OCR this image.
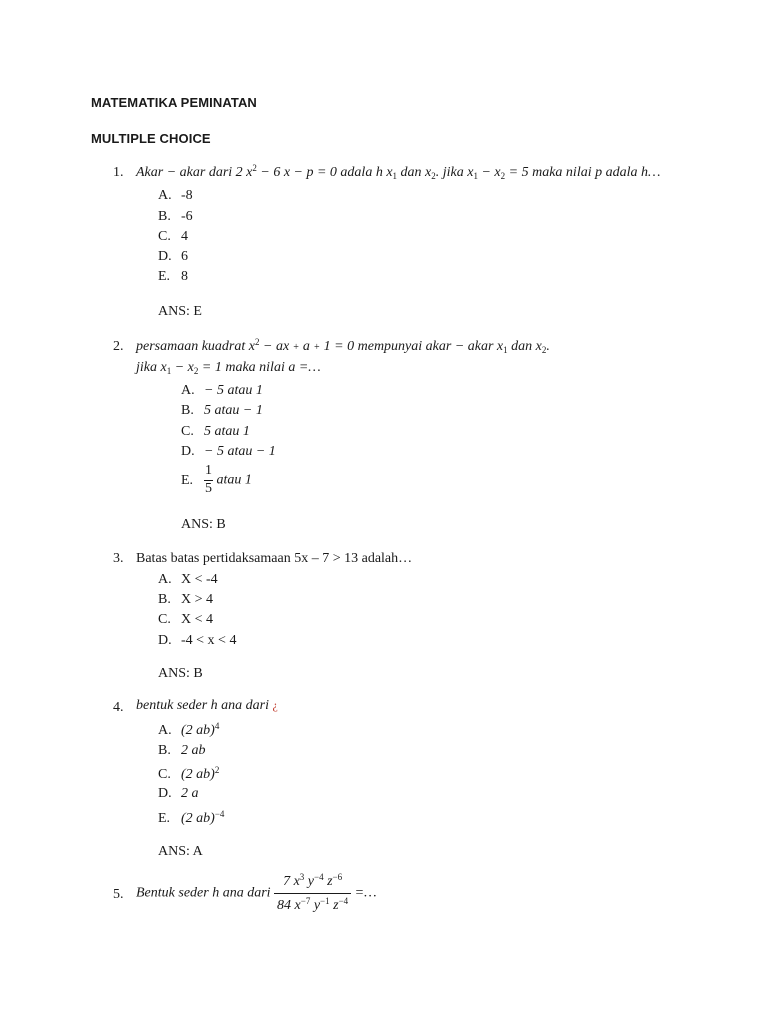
MATEMATIKA PEMINATAN
MULTIPLE CHOICE
1. Akar − akar dari 2 $x^2 - 6$ x − p = 0 adala h $x_1$ dan $x_2$. jika $x_1 - x_2 = 5$ maka nilai p adala h…
A. -8
B. -6
C. 4
D. 6
E. 8
ANS: E
2. persamaan kuadrat $x^2$ − ax + a + 1 = 0 mempunyai akar − akar $x_1$ dan $x_2$.
jika $x_1 - x_2 = 1$ maka nilai a =…
A. − 5 atau 1
B. 5 atau − 1
C. 5 atau 1
D. − 5 atau − 1
E. $\frac{1}{5}$ atau 1
ANS: B
3. Batas batas pertidaksamaan 5x – 7 > 13 adalah…
A. X < -4
B. X > 4
C. X < 4
D. -4 < x < 4
ANS: B
4. bentuk seder h ana dari ¿
A. (2 ab)$^4$
B. 2 ab
C. (2 ab)$^2$
D. 2 a
E. (2 ab)$^{-4}$
ANS: A
5. Bentuk seder h ana dari $\frac{7 x^3 y^{-4} z^{-6}}{84 x^{-7} y^{-1} z^{-4}}$ =…
